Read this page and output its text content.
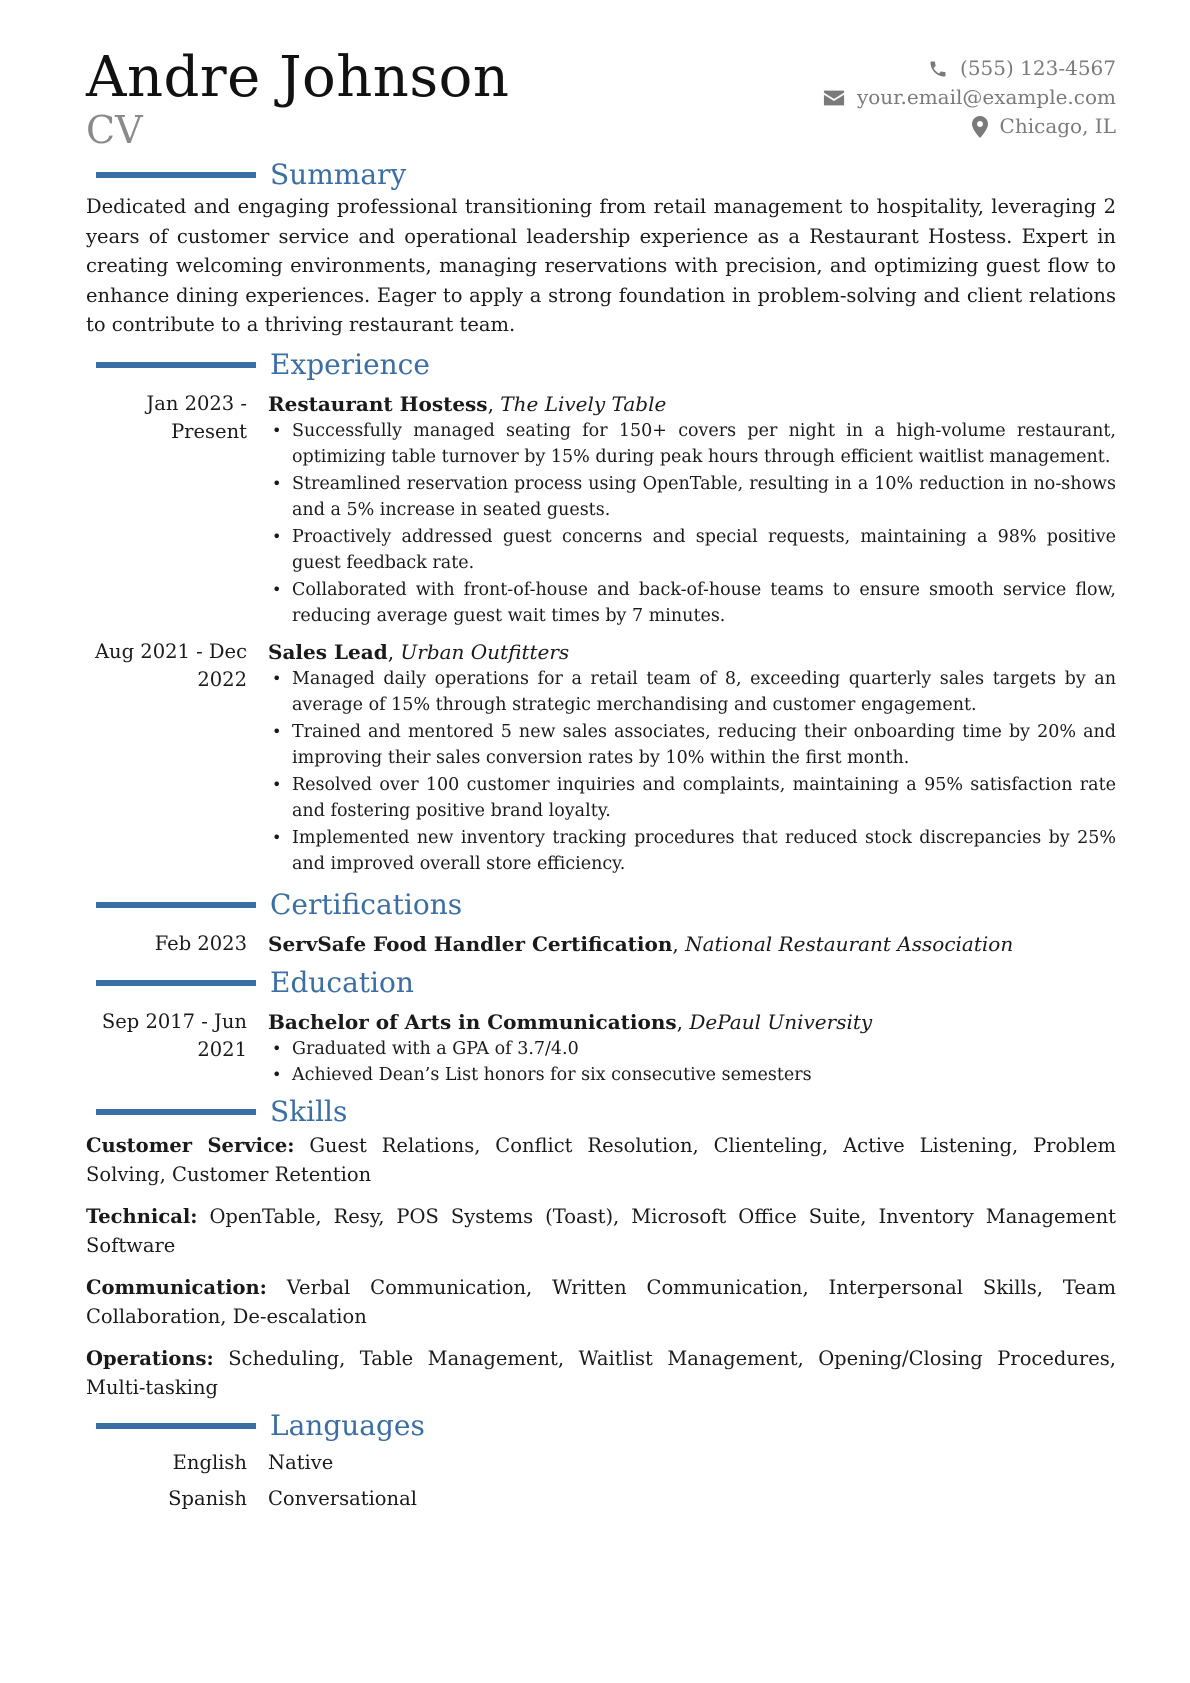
Andre Johnson
CV
(555) 123-4567
your.email@example.com
Chicago, IL
Summary
Dedicated and engaging professional transitioning from retail management to hospitality, leveraging 2 years of customer service and operational leadership experience as a Restaurant Hostess. Expert in creating welcoming environments, managing reservations with precision, and optimizing guest flow to enhance dining experiences. Eager to apply a strong foundation in problem-solving and client relations to contribute to a thriving restaurant team.
Experience
Jan 2023 - Present
Restaurant Hostess, The Lively Table
• Successfully managed seating for 150+ covers per night in a high-volume restaurant, optimizing table turnover by 15% during peak hours through efficient waitlist management.
• Streamlined reservation process using OpenTable, resulting in a 10% reduction in no-shows and a 5% increase in seated guests.
• Proactively addressed guest concerns and special requests, maintaining a 98% positive guest feedback rate.
• Collaborated with front-of-house and back-of-house teams to ensure smooth service flow, reducing average guest wait times by 7 minutes.
Aug 2021 - Dec 2022
Sales Lead, Urban Outfitters
• Managed daily operations for a retail team of 8, exceeding quarterly sales targets by an average of 15% through strategic merchandising and customer engagement.
• Trained and mentored 5 new sales associates, reducing their onboarding time by 20% and improving their sales conversion rates by 10% within the first month.
• Resolved over 100 customer inquiries and complaints, maintaining a 95% satisfaction rate and fostering positive brand loyalty.
• Implemented new inventory tracking procedures that reduced stock discrepancies by 25% and improved overall store efficiency.
Certifications
Feb 2023	ServSafe Food Handler Certification, National Restaurant Association
Education
Sep 2017 - Jun 2021
Bachelor of Arts in Communications, DePaul University
• Graduated with a GPA of 3.7/4.0
• Achieved Dean’s List honors for six consecutive semesters
Skills

Customer Service: Guest Relations, Conflict Resolution, Clienteling, Active Listening, Problem Solving, Customer Retention

Technical: OpenTable, Resy, POS Systems (Toast), Microsoft Office Suite, Inventory Management Software

Communication: Verbal Communication, Written Communication, Interpersonal Skills, Team Collaboration, De-escalation

Operations: Scheduling, Table Management, Waitlist Management, Opening/Closing Procedures, Multi-tasking

Languages
English	Native
Spanish	Conversational
